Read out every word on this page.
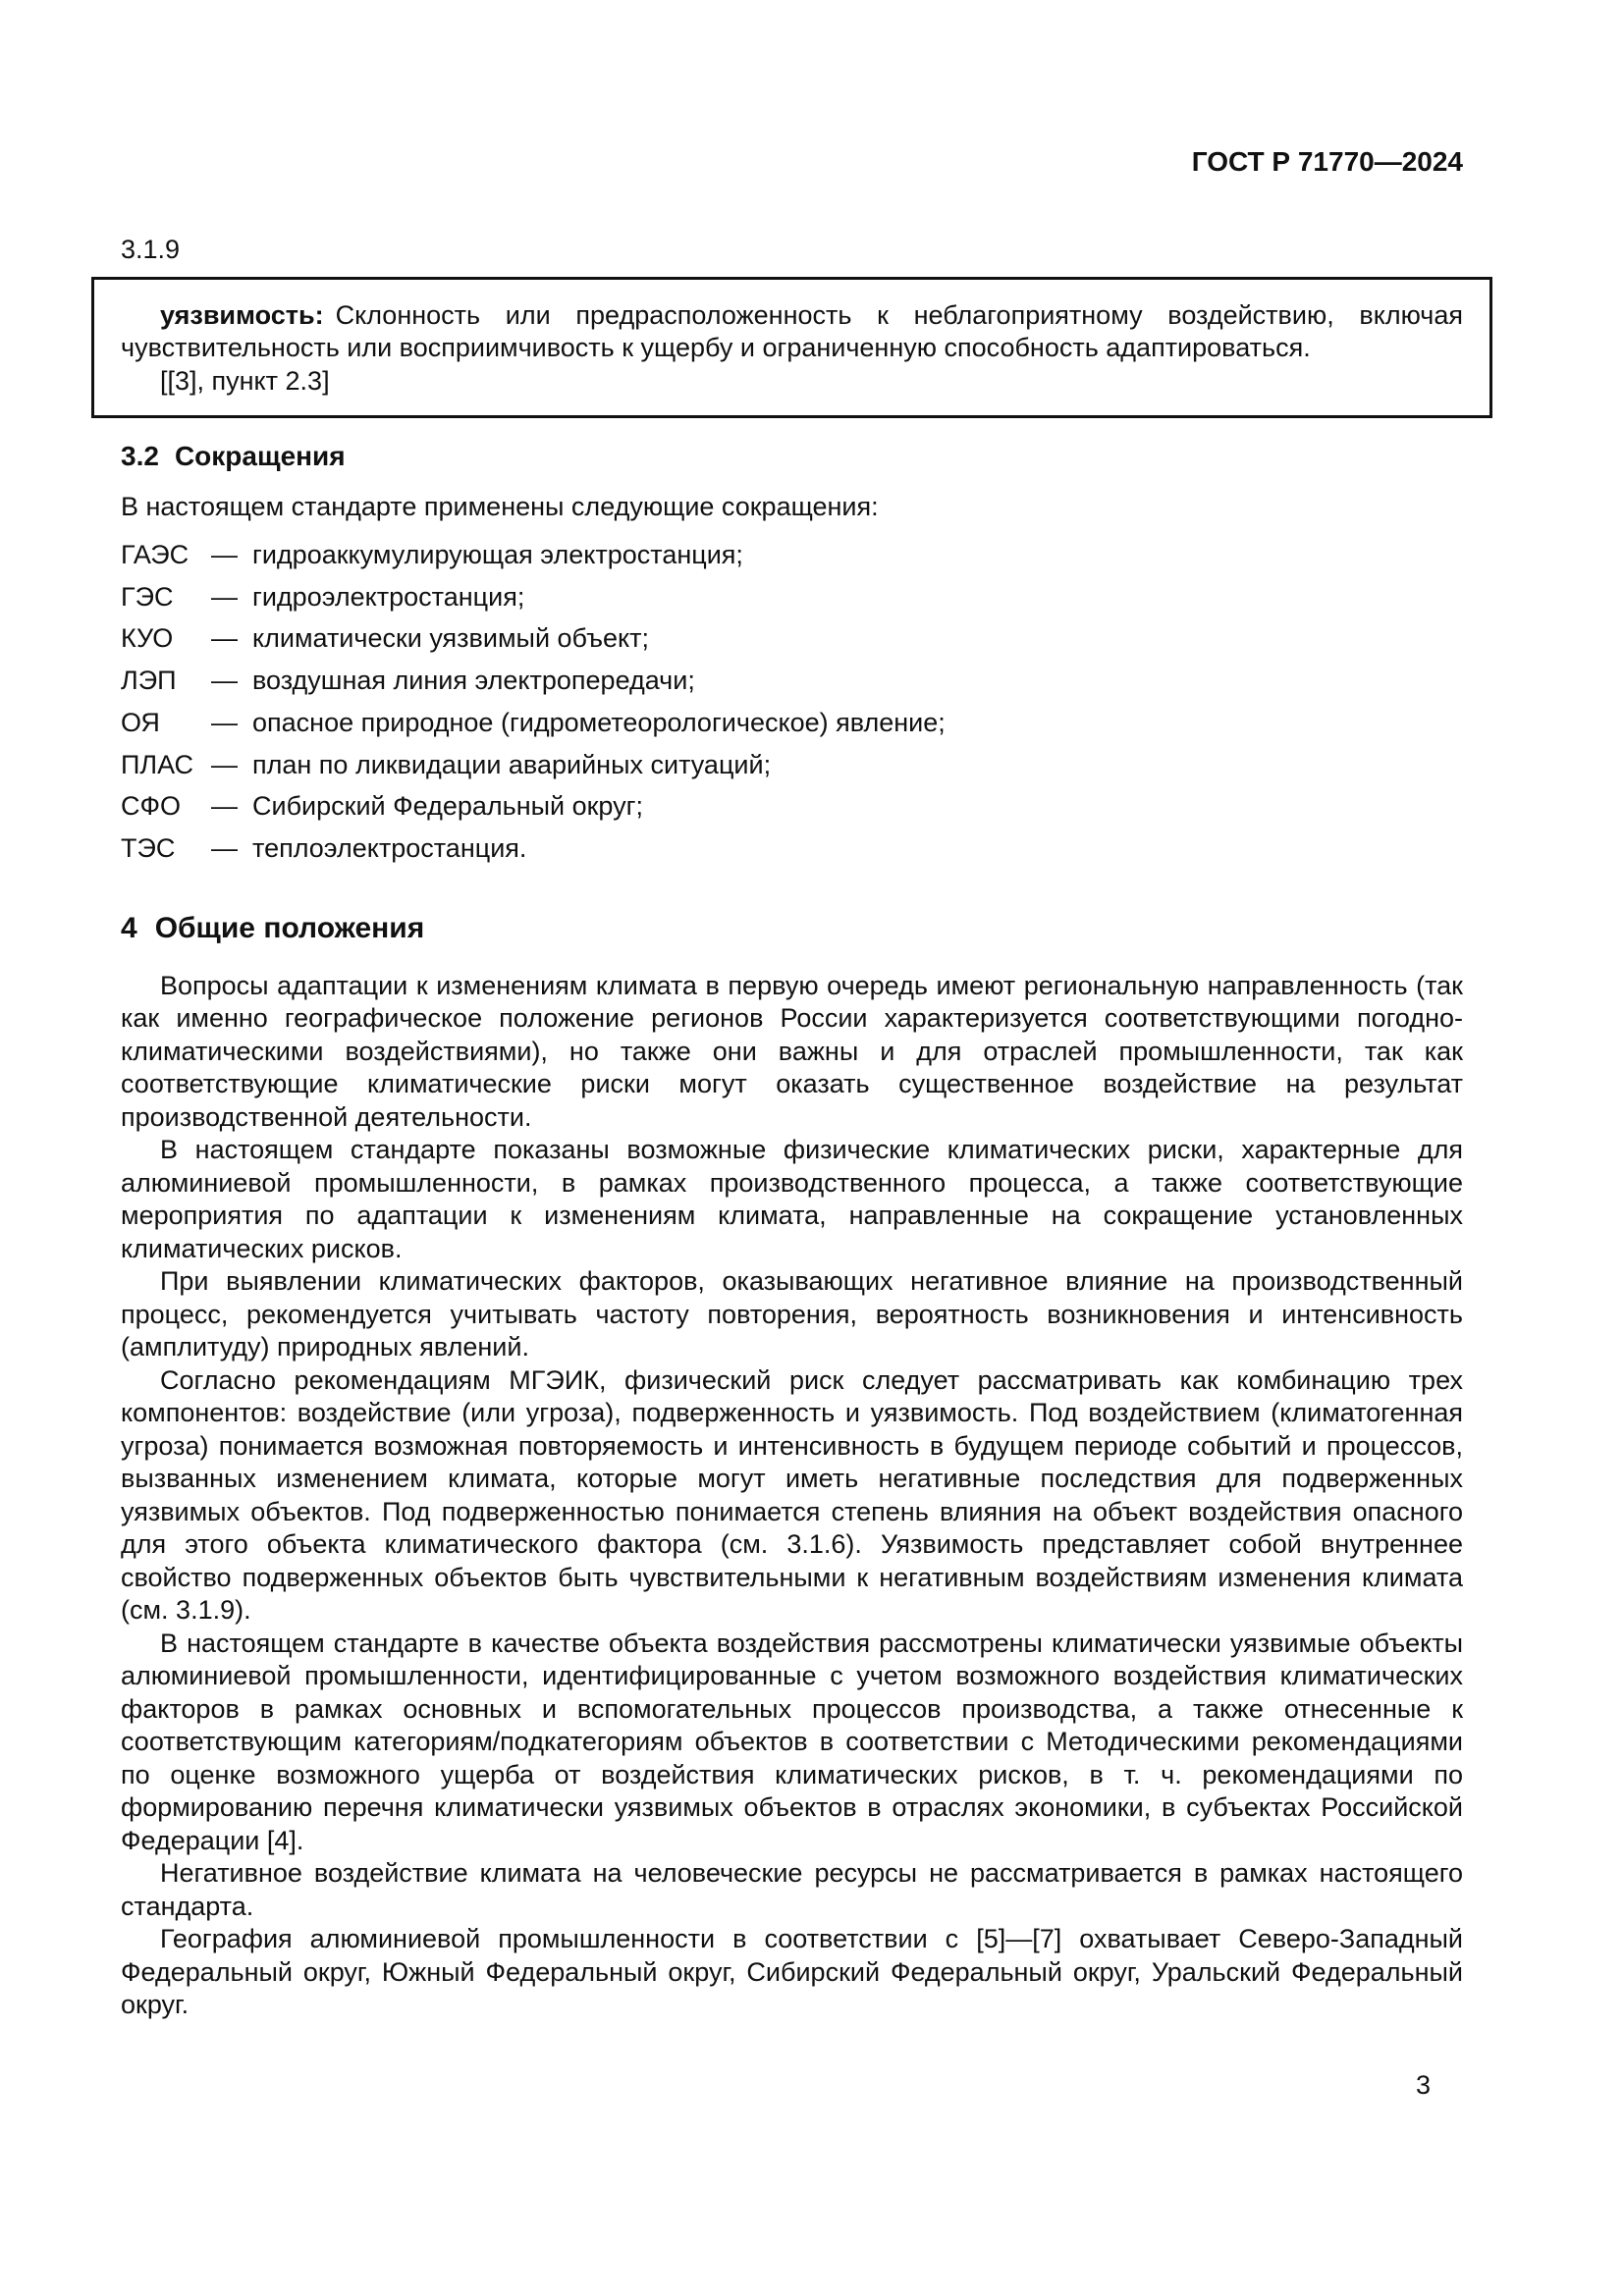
ГОСТ Р 71770—2024

3.1.9

уязвимость: Склонность или предрасположенность к неблагоприятному воздействию, включая чувствительность или восприимчивость к ущербу и ограниченную способность адаптироваться.

[[3], пункт 2.3]

3.2 Сокращения

В настоящем стандарте применены следующие сокращения:

ГАЭС — гидроаккумулирующая электростанция;
ГЭС	— гидроэлектростанция;
КУО	— климатически уязвимый объект;
ЛЭП	— воздушная линия электропередачи;
ОЯ	— опасное природное (гидрометеорологическое) явление;
ПЛАС — план по ликвидации аварийных ситуаций;
СФО	— Сибирский Федеральный округ;
ТЭС	— теплоэлектростанция.
4 Общие положения

Вопросы адаптации к изменениям климата в первую очередь имеют региональную направленность (так как именно географическое положение регионов России характеризуется соответствующими погодно-климатическими воздействиями), но также они важны и для отраслей промышленности, так как соответствующие климатические риски могут оказать существенное воздействие на результат производственной деятельности.

В настоящем стандарте показаны возможные физические климатических риски, характерные для алюминиевой промышленности, в рамках производственного процесса, а также соответствующие мероприятия по адаптации к изменениям климата, направленные на сокращение установленных климатических рисков.

При выявлении климатических факторов, оказывающих негативное влияние на производственный процесс, рекомендуется учитывать частоту повторения, вероятность возникновения и интенсивность (амплитуду) природных явлений.

Согласно рекомендациям МГЭИК, физический риск следует рассматривать как комбинацию трех компонентов: воздействие (или угроза), подверженность и уязвимость. Под воздействием (климатогенная угроза) понимается возможная повторяемость и интенсивность в будущем периоде событий и процессов, вызванных изменением климата, которые могут иметь негативные последствия для подверженных уязвимых объектов. Под подверженностью понимается степень влияния на объект воздействия опасного для этого объекта климатического фактора (см. 3.1.6). Уязвимость представляет собой внутреннее свойство подверженных объектов быть чувствительными к негативным воздействиям изменения климата (см. 3.1.9).

В настоящем стандарте в качестве объекта воздействия рассмотрены климатически уязвимые объекты алюминиевой промышленности, идентифицированные с учетом возможного воздействия климатических факторов в рамках основных и вспомогательных процессов производства, а также отнесенные к соответствующим категориям/подкатегориям объектов в соответствии с Методическими рекомендациями по оценке возможного ущерба от воздействия климатических рисков, в т. ч. рекомендациями по формированию перечня климатически уязвимых объектов в отраслях экономики, в субъектах Российской Федерации [4].

Негативное воздействие климата на человеческие ресурсы не рассматривается в рамках настоящего стандарта.

География алюминиевой промышленности в соответствии с [5]—[7] охватывает Северо-Западный Федеральный округ, Южный Федеральный округ, Сибирский Федеральный округ, Уральский Федеральный округ.

3
